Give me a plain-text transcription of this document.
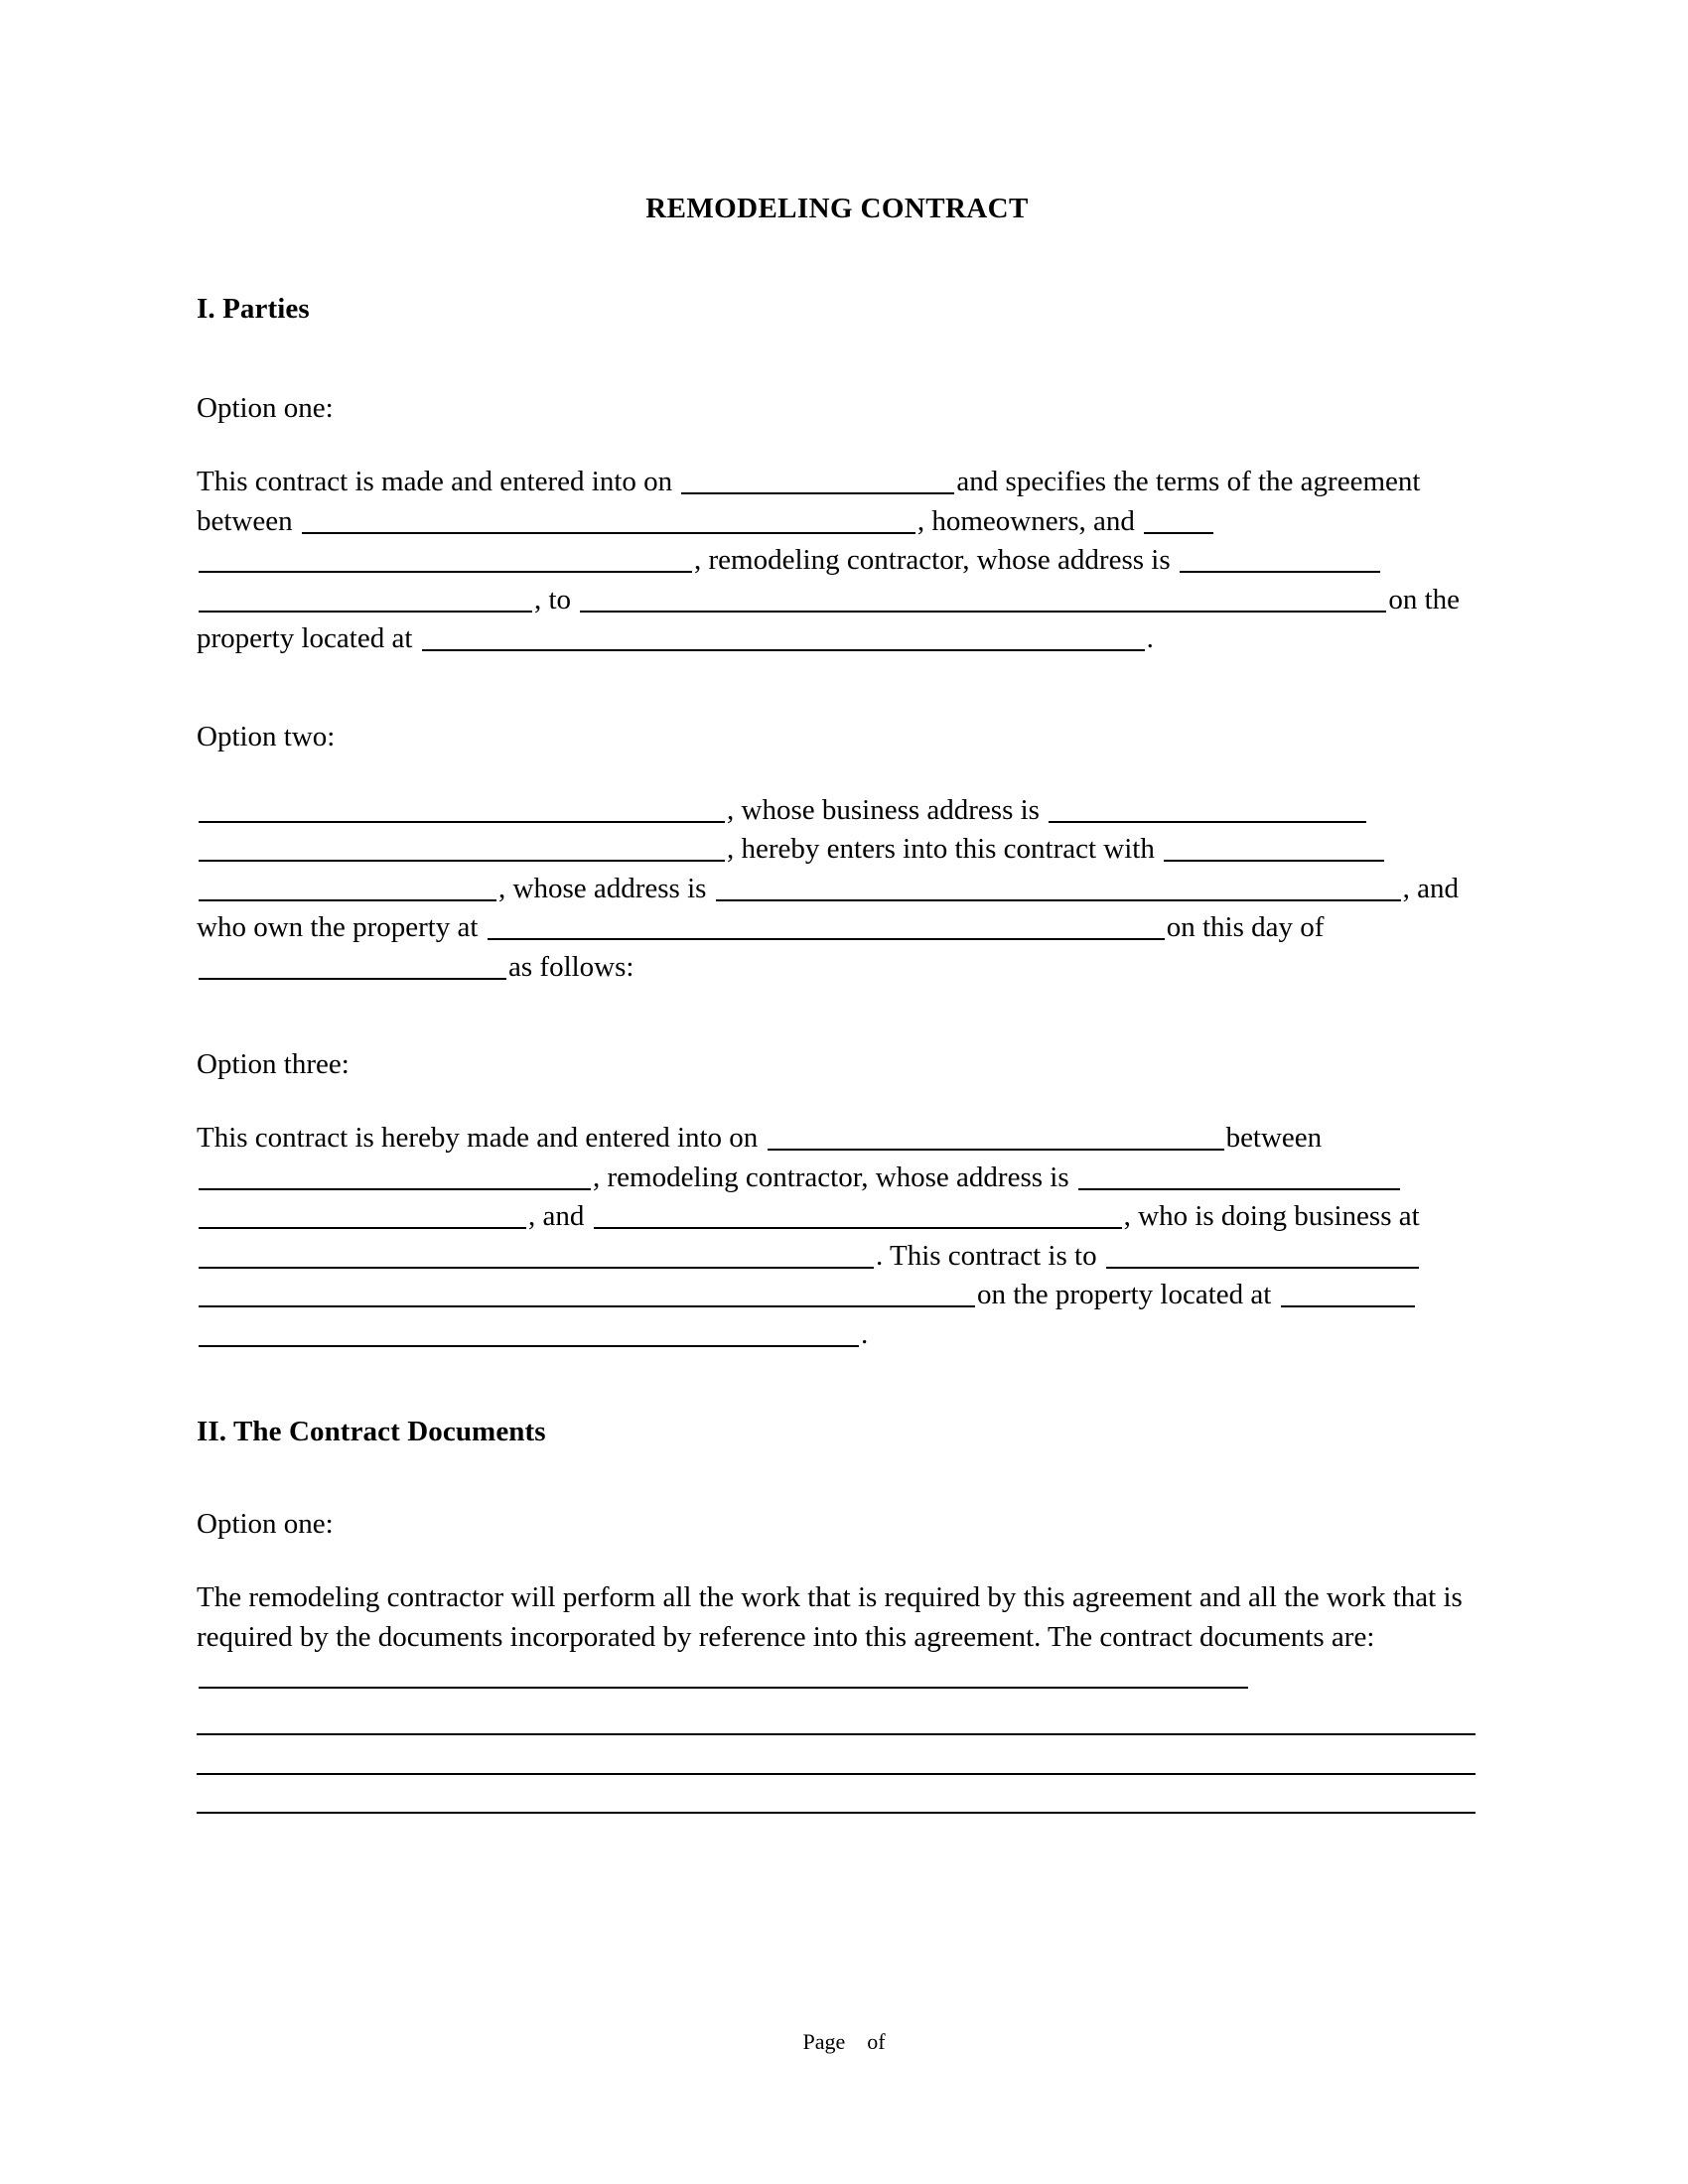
REMODELING CONTRACT
I. Parties

Option one:

This contract is made and entered into on	and specifies the terms of the agreement between	, homeowners, and  , remodeling contractor, whose address is  , to	on the property located at	.

Option two:

, whose business address is  , hereby enters into this contract with  , whose address is	, and who own the property at	on this day of as follows:

Option three:

This contract is hereby made and entered into on	between , remodeling contractor, whose address is  , and	, who is doing business at . This contract is to  on the property located at  .

II. The Contract Documents

Option one:

The remodeling contractor will perform all the work that is required by this agreement and all the work that is required by the documents incorporated by reference into this agreement. The contract documents are:

Page of
